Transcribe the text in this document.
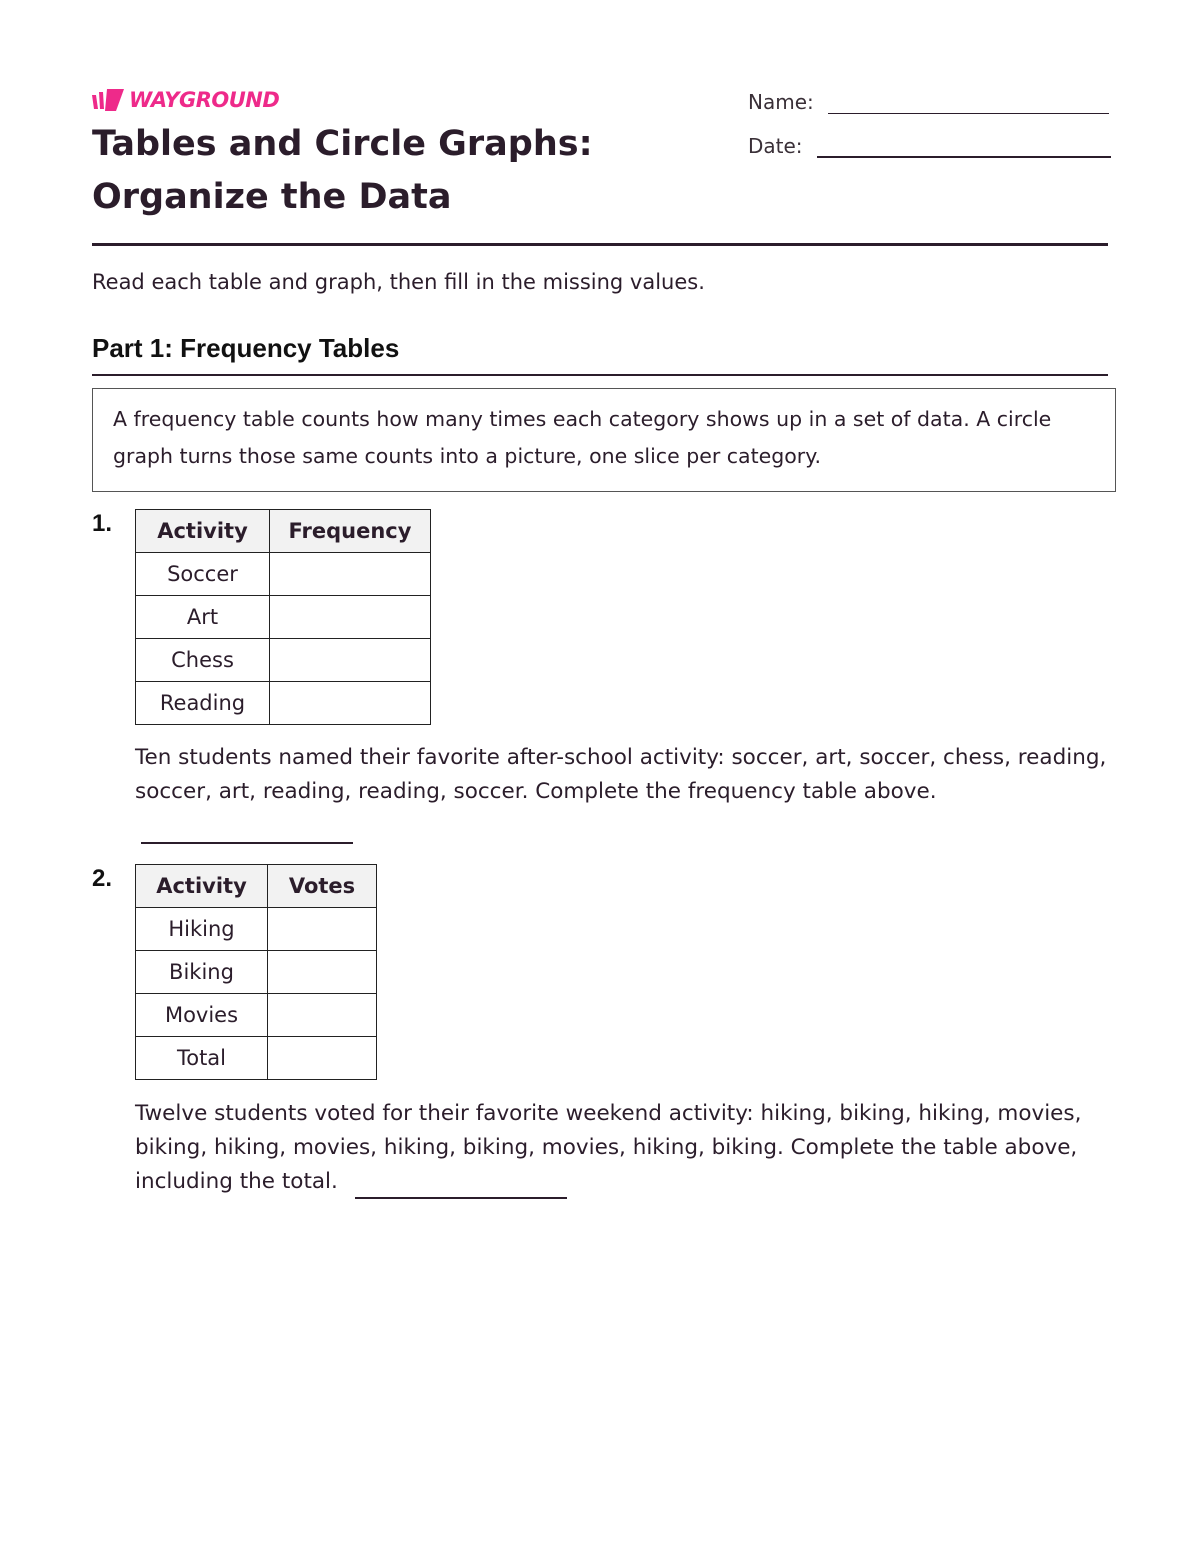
WAYGROUND
Tables and Circle Graphs: Organize the Data
Name:
Date:

Read each table and graph, then fill in the missing values.

Part 1: Frequency Tables
A frequency table counts how many times each category shows up in a set of data. A circle graph turns those same counts into a picture, one slice per category.
1. Activity	Frequency
Soccer	
Art	
Chess	
Reading	

Ten students named their favorite after-school activity: soccer, art, soccer, chess, reading, soccer, art, reading, reading, soccer. Complete the frequency table above.

2. Activity	Votes
Hiking	
Biking	
Movies	
Total	

Twelve students voted for their favorite weekend activity: hiking, biking, hiking, movies, biking, hiking, movies, hiking, biking, movies, hiking, biking. Complete the table above, including the total.
